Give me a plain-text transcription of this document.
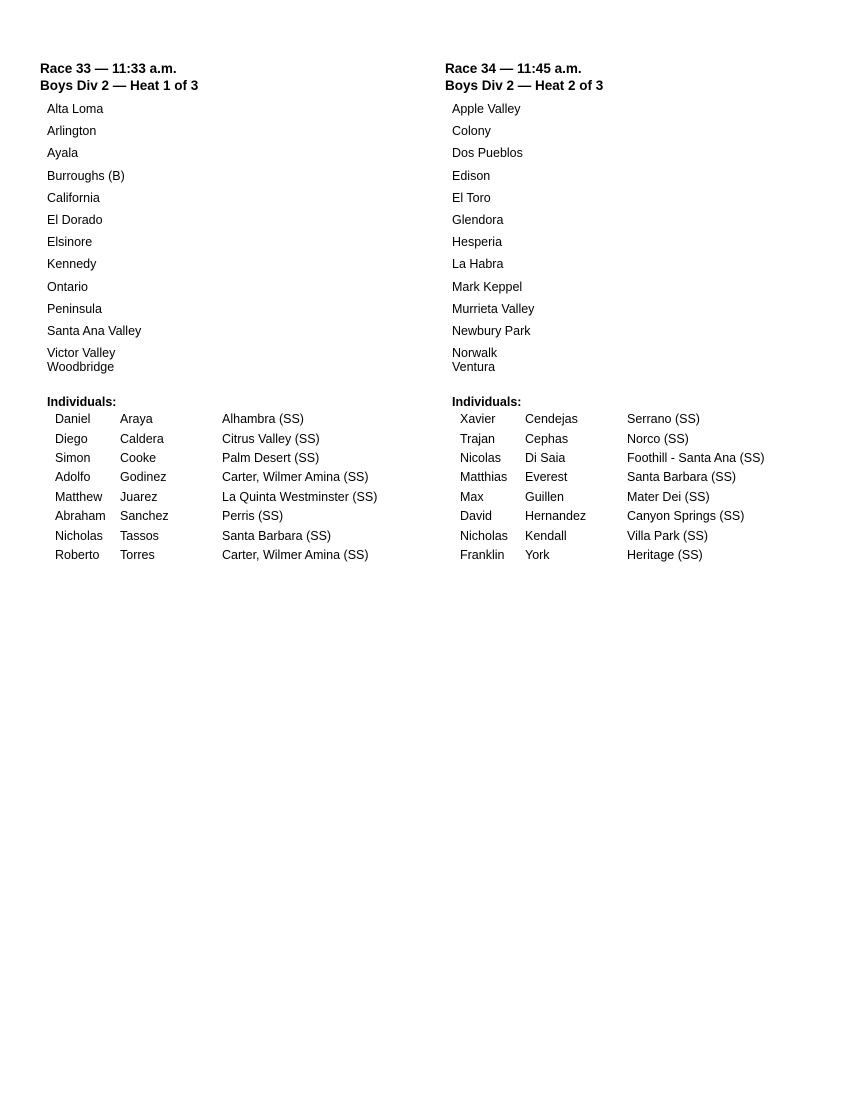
Race 33 — 11:33 a.m.
Boys Div 2 — Heat 1 of 3
Alta Loma
Arlington
Ayala
Burroughs (B)
California
El Dorado
Elsinore
Kennedy
Ontario
Peninsula
Santa Ana Valley
Victor Valley
Woodbridge
Individuals:
Daniel	Araya	Alhambra (SS)
Diego	Caldera	Citrus Valley (SS)
Simon	Cooke	Palm Desert (SS)
Adolfo	Godinez	Carter, Wilmer Amina (SS)
Matthew	Juarez	La Quinta Westminster (SS)
Abraham	Sanchez	Perris (SS)
Nicholas	Tassos	Santa Barbara (SS)
Roberto	Torres	Carter, Wilmer Amina (SS)
Race 34 — 11:45 a.m.
Boys Div 2 — Heat 2 of 3
Apple Valley
Colony
Dos Pueblos
Edison
El Toro
Glendora
Hesperia
La Habra
Mark Keppel
Murrieta Valley
Newbury Park
Norwalk
Ventura
Individuals:
Xavier	Cendejas	Serrano (SS)
Trajan	Cephas	Norco (SS)
Nicolas	Di Saia	Foothill - Santa Ana (SS)
Matthias	Everest	Santa Barbara (SS)
Max	Guillen	Mater Dei (SS)
David	Hernandez	Canyon Springs (SS)
Nicholas	Kendall	Villa Park (SS)
Franklin	York	Heritage (SS)
